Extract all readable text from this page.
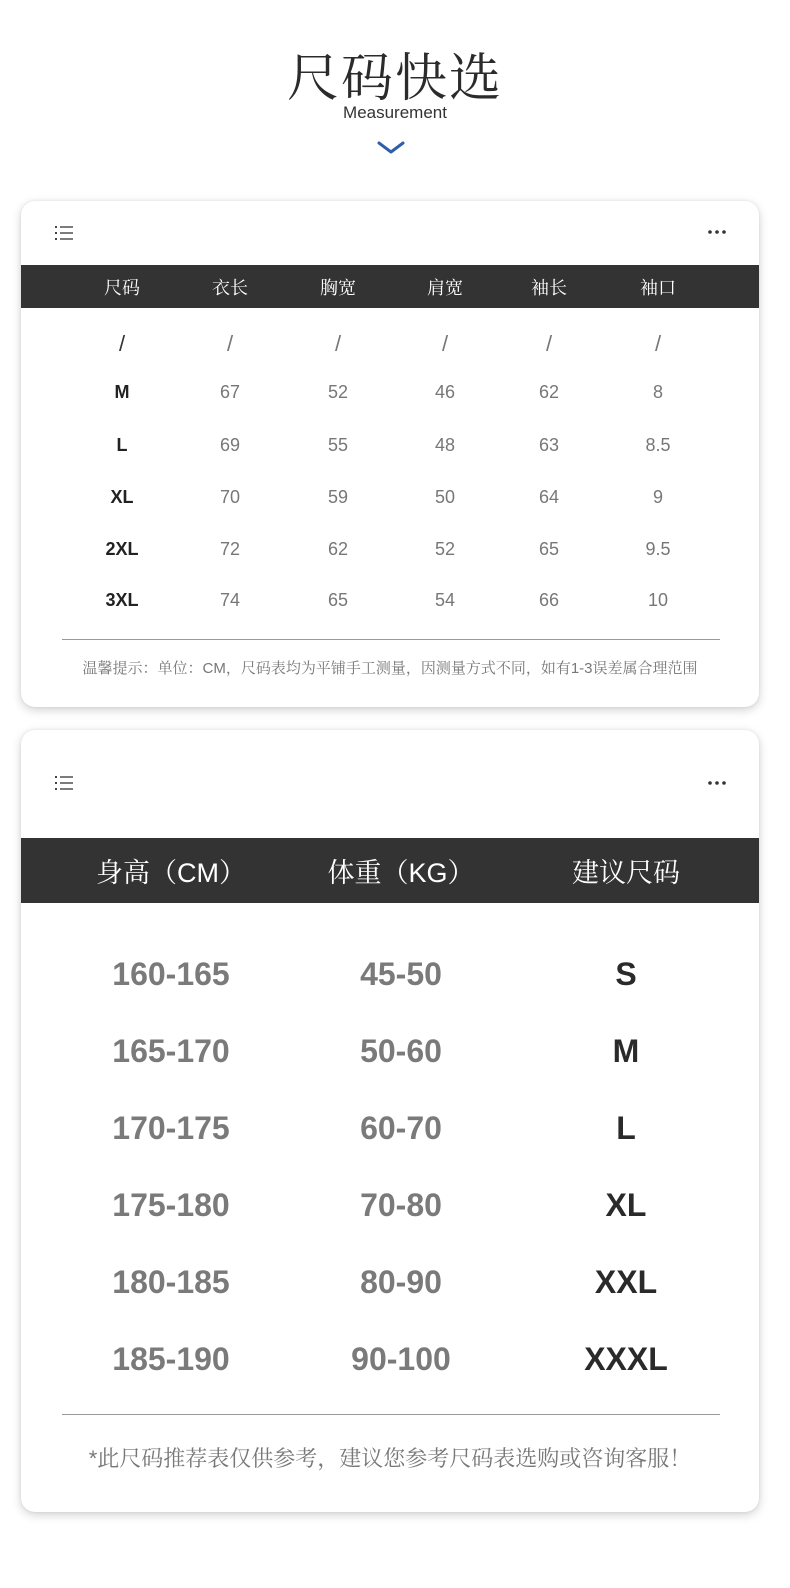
尺码快选
Measurement
尺码	衣长	胸宽	肩宽	袖长	袖口
/	/	/	/	/	/
M	67	52	46	62	8
L	69	55	48	63	8.5
XL	70	59	50	64	9
2XL	72	62	52	65	9.5
3XL	74	65	54	66	10
温馨提示：单位：CM，尺码表均为平铺手工测量，因测量方式不同，如有1-3误差属合理范围
身高（CM）	体重（KG）	建议尺码
160-165	45-50	S
165-170	50-60	M
170-175	60-70	L
175-180	70-80	XL
180-185	80-90	XXL
185-190	90-100	XXXL
*此尺码推荐表仅供参考，建议您参考尺码表选购或咨询客服！
